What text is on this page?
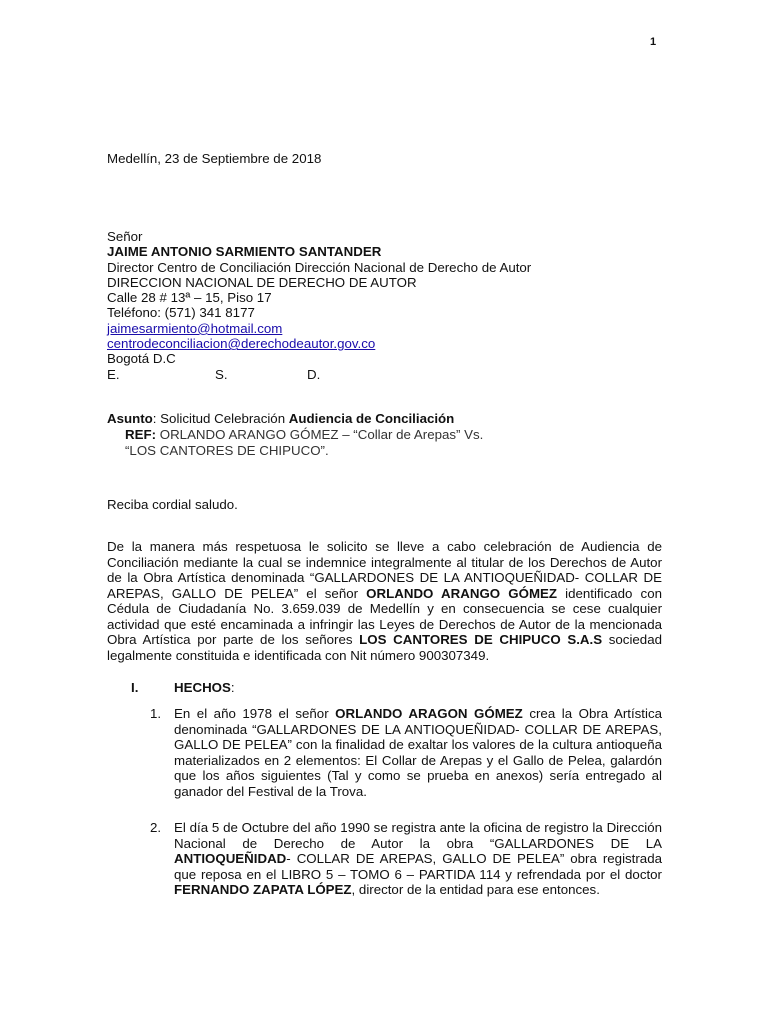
1
Medellín, 23 de Septiembre de 2018
Señor
JAIME ANTONIO SARMIENTO SANTANDER
Director Centro de Conciliación Dirección Nacional de Derecho de Autor
DIRECCION NACIONAL DE DERECHO DE AUTOR
Calle 28 # 13ª – 15, Piso 17
Teléfono: (571) 341 8177
jaimesarmiento@hotmail.com
centrodeconciliacion@derechodeautor.gov.co
Bogotá D.C
E.	S.	D.
Asunto: Solicitud Celebración Audiencia de Conciliación
REF: ORLANDO ARANGO GÓMEZ – “Collar de Arepas” Vs.
“LOS CANTORES DE CHIPUCO”.
Reciba cordial saludo.
De la manera más respetuosa le solicito se lleve a cabo celebración de Audiencia de Conciliación mediante la cual se indemnice integralmente al titular de los Derechos de Autor de la Obra Artística denominada “GALLARDONES DE LA ANTIOQUEÑIDAD- COLLAR DE AREPAS, GALLO DE PELEA” el señor ORLANDO ARANGO GÓMEZ identificado con Cédula de Ciudadanía No. 3.659.039 de Medellín y en consecuencia se cese cualquier actividad que esté encaminada a infringir las Leyes de Derechos de Autor de la mencionada Obra Artística por parte de los señores LOS CANTORES DE CHIPUCO S.A.S sociedad legalmente constituida e identificada con Nit número 900307349.
I.	HECHOS:
1. En el año 1978 el señor ORLANDO ARAGON GÓMEZ crea la Obra Artística denominada “GALLARDONES DE LA ANTIOQUEÑIDAD- COLLAR DE AREPAS, GALLO DE PELEA” con la finalidad de exaltar los valores de la cultura antioqueña materializados en 2 elementos: El Collar de Arepas y el Gallo de Pelea, galardón que los años siguientes (Tal y como se prueba en anexos) sería entregado al ganador del Festival de la Trova.
2. El día 5 de Octubre del año 1990 se registra ante la oficina de registro la Dirección Nacional de Derecho de Autor la obra “GALLARDONES DE LA ANTIOQUEÑIDAD- COLLAR DE AREPAS, GALLO DE PELEA” obra registrada que reposa en el LIBRO 5 – TOMO 6 – PARTIDA 114 y refrendada por el doctor FERNANDO ZAPATA LÓPEZ, director de la entidad para ese entonces.
